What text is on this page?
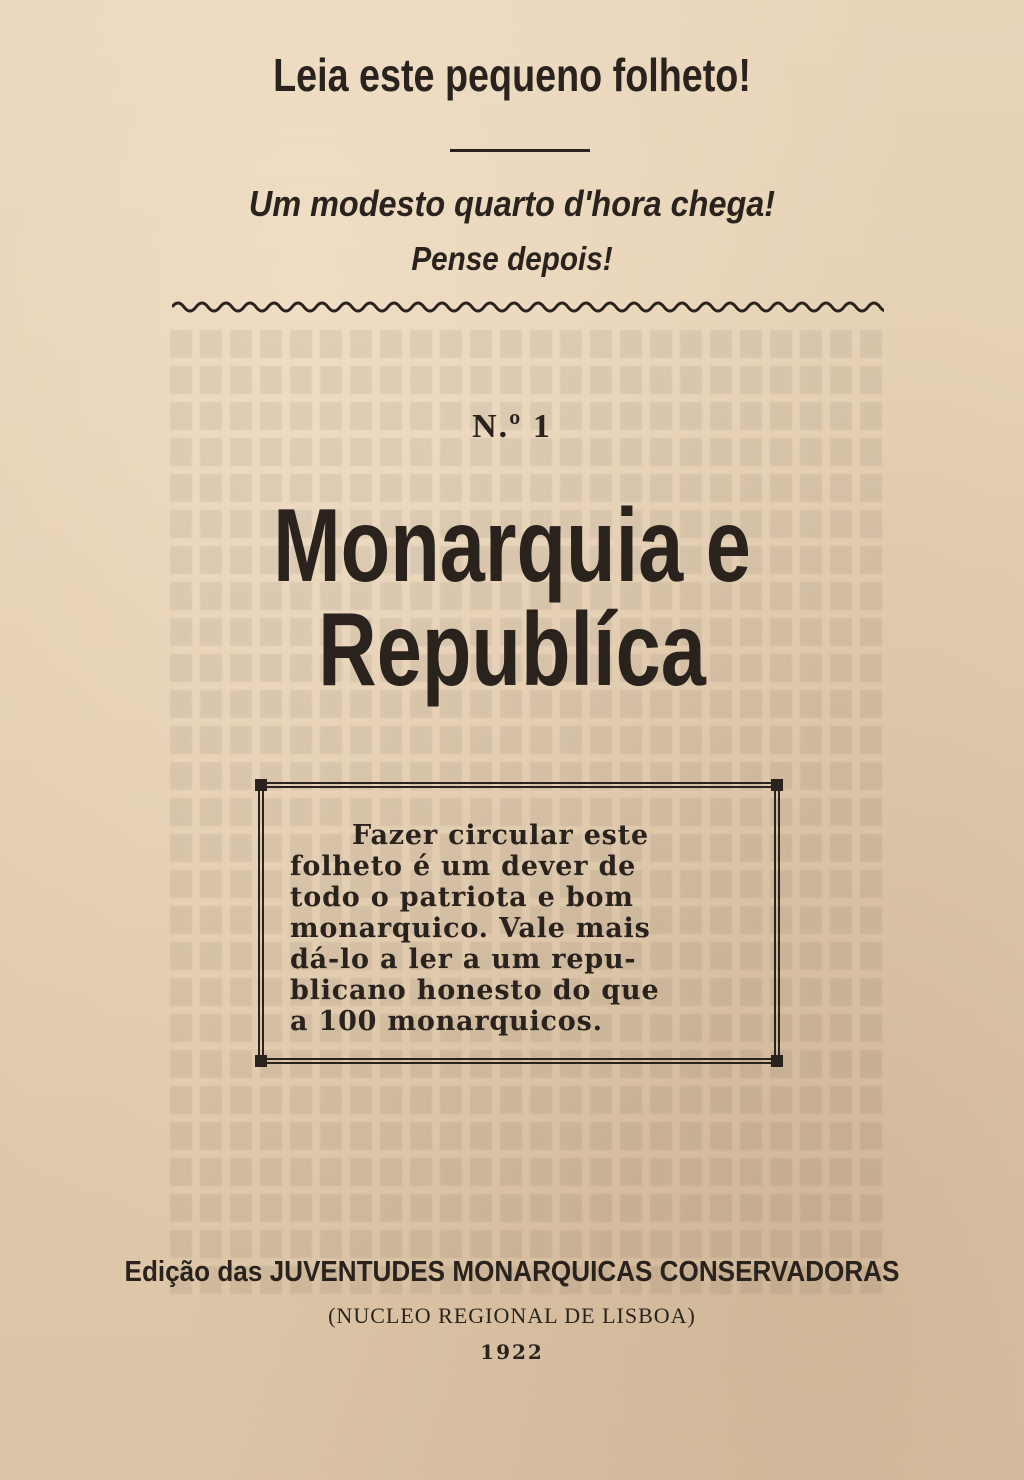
Leia este pequeno folheto!
Um modesto quarto d'hora chega!
Pense depois!
N.º 1
Monarquia e Republíca
Fazer circular este
folheto é um dever de
todo o patriota e bom
monarquico. Vale mais
dá-lo a ler a um repu-
blicano honesto do que
a 100 monarquicos.
Edição das JUVENTUDES MONARQUICAS CONSERVADORAS
(NUCLEO REGIONAL DE LISBOA)
1922
